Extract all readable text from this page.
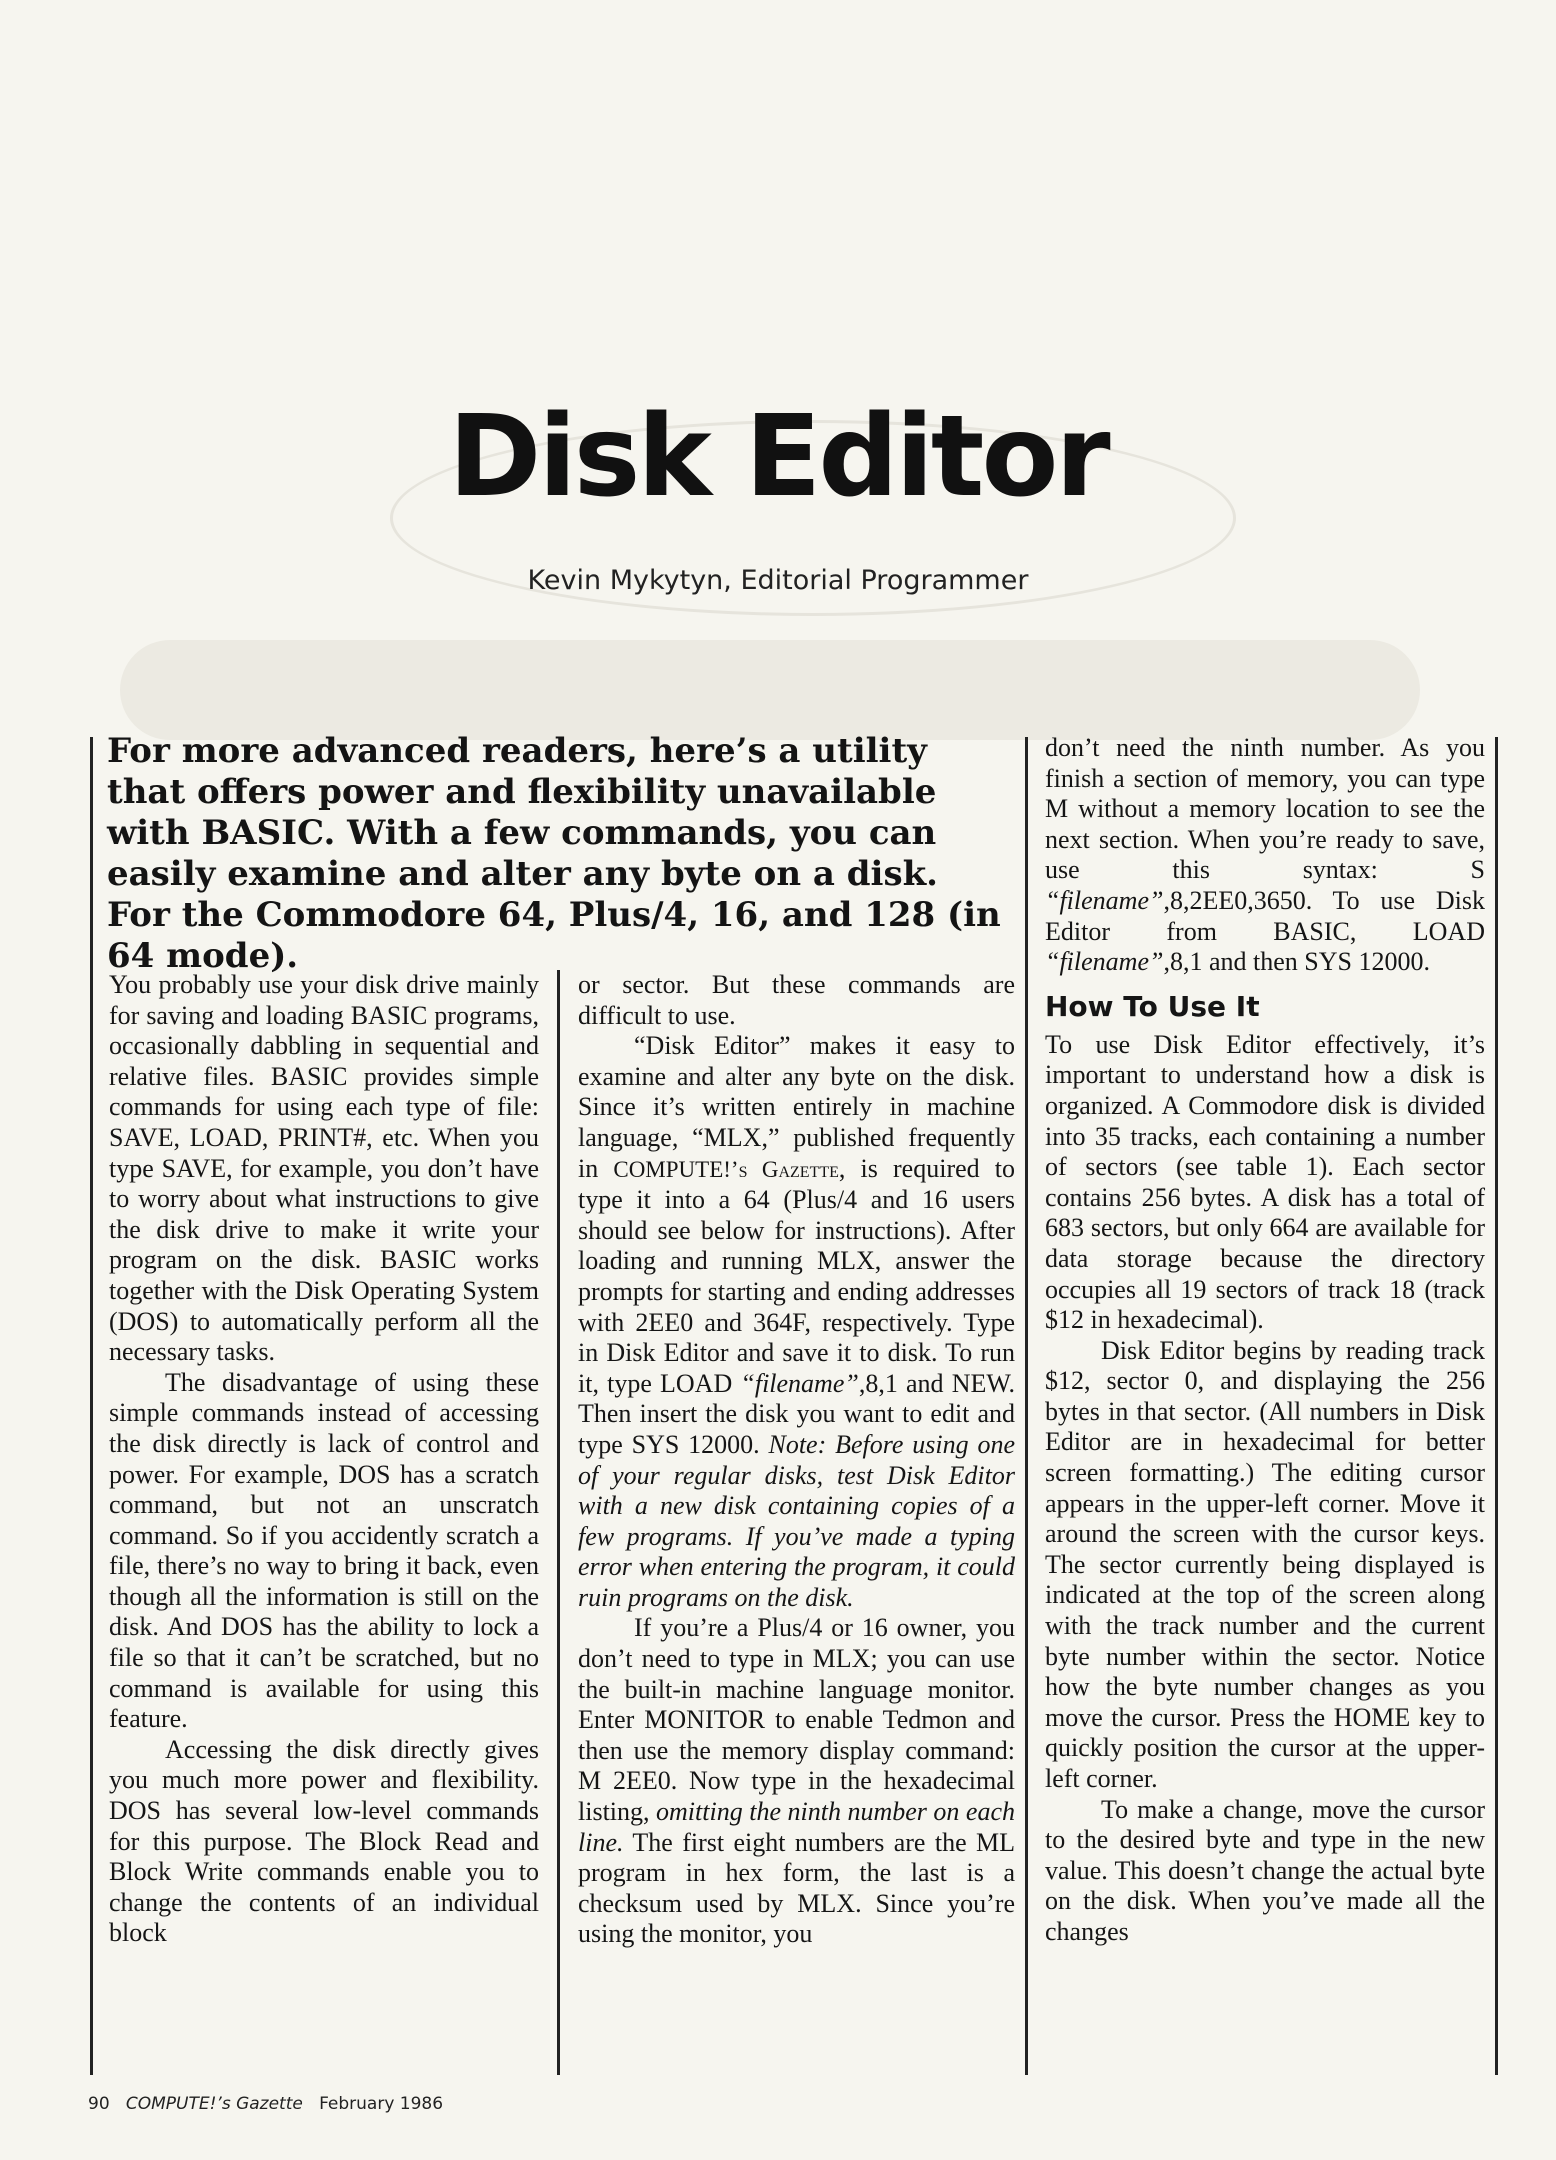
Disk Editor
Kevin Mykytyn, Editorial Programmer
For more advanced readers, here’s a utility that offers power and flexibility unavailable with BASIC. With a few commands, you can easily examine and alter any byte on a disk. For the Commodore 64, Plus/4, 16, and 128 (in 64 mode).

You probably use your disk drive mainly for saving and loading BASIC programs, occasionally dabbling in sequential and relative files. BASIC provides simple commands for using each type of file: SAVE, LOAD, PRINT#, etc. When you type SAVE, for example, you don’t have to worry about what instructions to give the disk drive to make it write your program on the disk. BASIC works together with the Disk Operating System (DOS) to automatically perform all the necessary tasks.

The disadvantage of using these simple commands instead of accessing the disk directly is lack of control and power. For example, DOS has a scratch command, but not an unscratch command. So if you accidently scratch a file, there’s no way to bring it back, even though all the information is still on the disk. And DOS has the ability to lock a file so that it can’t be scratched, but no command is available for using this feature.

Accessing the disk directly gives you much more power and flexibility. DOS has several low-level commands for this purpose. The Block Read and Block Write commands enable you to change the contents of an individual block

or sector. But these commands are difficult to use.

“Disk Editor” makes it easy to examine and alter any byte on the disk. Since it’s written entirely in machine language, “MLX,” published frequently in COMPUTE!’s Gazette, is required to type it into a 64 (Plus/4 and 16 users should see below for instructions). After loading and running MLX, answer the prompts for starting and ending addresses with 2EE0 and 364F, respectively. Type in Disk Editor and save it to disk. To run it, type LOAD “filename”,8,1 and NEW. Then insert the disk you want to edit and type SYS 12000. Note: Before using one of your regular disks, test Disk Editor with a new disk containing copies of a few programs. If you’ve made a typing error when entering the program, it could ruin programs on the disk.

If you’re a Plus/4 or 16 owner, you don’t need to type in MLX; you can use the built-in machine language monitor. Enter MONITOR to enable Tedmon and then use the memory display command: M 2EE0. Now type in the hexadecimal listing, omitting the ninth number on each line. The first eight numbers are the ML program in hex form, the last is a checksum used by MLX. Since you’re using the monitor, you

don’t need the ninth number. As you finish a section of memory, you can type M without a memory location to see the next section. When you’re ready to save, use this syntax: S “filename”,8,2EE0,3650. To use Disk Editor from BASIC, LOAD “filename”,8,1 and then SYS 12000.

How To Use It

To use Disk Editor effectively, it’s important to understand how a disk is organized. A Commodore disk is divided into 35 tracks, each containing a number of sectors (see table 1). Each sector contains 256 bytes. A disk has a total of 683 sectors, but only 664 are available for data storage because the directory occupies all 19 sectors of track 18 (track $12 in hexadecimal).

Disk Editor begins by reading track $12, sector 0, and displaying the 256 bytes in that sector. (All numbers in Disk Editor are in hexadecimal for better screen formatting.) The editing cursor appears in the upper-left corner. Move it around the screen with the cursor keys. The sector currently being displayed is indicated at the top of the screen along with the track number and the current byte number within the sector. Notice how the byte number changes as you move the cursor. Press the HOME key to quickly position the cursor at the upper-left corner.

To make a change, move the cursor to the desired byte and type in the new value. This doesn’t change the actual byte on the disk. When you’ve made all the changes

90 COMPUTE!’s Gazette February 1986
